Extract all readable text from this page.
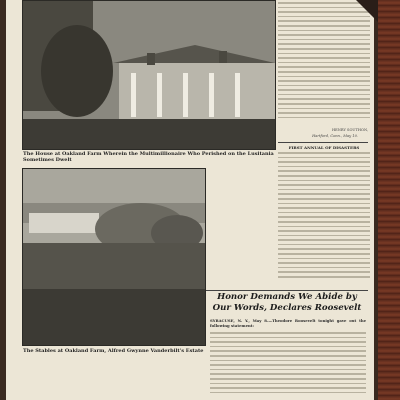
The House at Oakland Farm Wherein the Multimillionaire Who Perished on the Lusitania Sometimes Dwelt
The Stables at Oakland Farm, Alfred Gwynne Vanderbilt's Estate
HENRY SOUTHON,
Hartford, Conn., May 10.
FIRST ANNUAL OF DISASTERS
Honor Demands We Abide by
Our Words, Declares Roosevelt
SYRACUSE, N. Y., May 8.—Theodore Roosevelt tonight gave out the following statement:
